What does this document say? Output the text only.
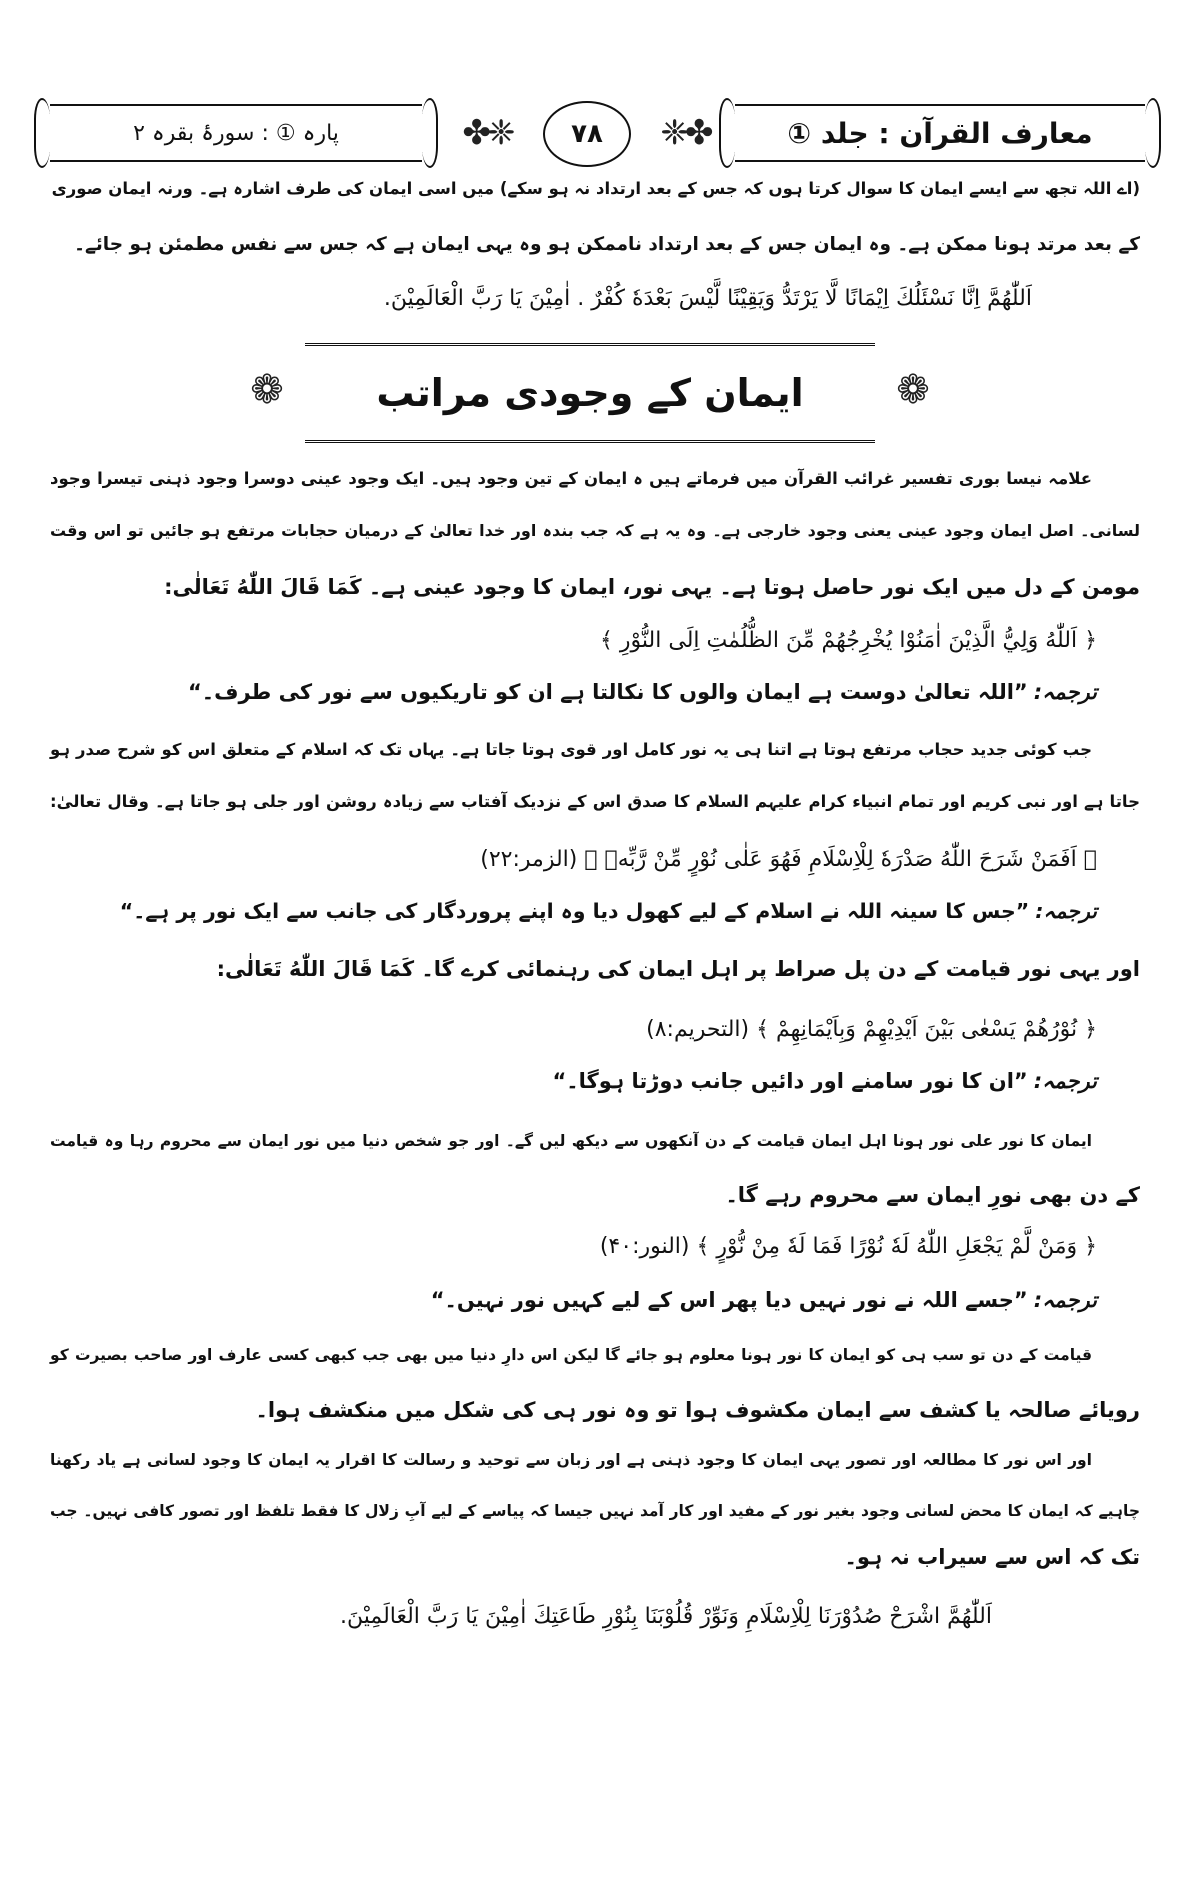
معارف القرآن : جلد ①
❈✤
۷۸
✤❈
پارہ ① : سورۂ بقرہ ۲
(اے اللہ تجھ سے ایسے ایمان کا سوال کرتا ہوں کہ جس کے بعد ارتداد نہ ہو سکے) میں اسی ایمان کی طرف اشارہ ہے۔ ورنہ ایمان صوری
کے بعد مرتد ہونا ممکن ہے۔ وہ ایمان جس کے بعد ارتداد ناممکن ہو وہ یہی ایمان ہے کہ جس سے نفس مطمئن ہو جائے۔
اَللّٰهُمَّ اِنَّا نَسْئَلُكَ اِيْمَانًا لَّا يَرْتَدُّ وَيَقِيْنًا لَّيْسَ بَعْدَهٗ كُفْرٌ . اٰمِيْنَ يَا رَبَّ الْعَالَمِيْنَ.
❁	ایمان کے وجودی مراتب	❁
علامہ نیسا بوری تفسیر غرائب القرآن میں فرماتے ہیں ہ ایمان کے تین وجود ہیں۔ ایک وجود عینی دوسرا وجود ذہنی تیسرا وجود
لسانی۔ اصل ایمان وجود عینی یعنی وجود خارجی ہے۔ وہ یہ ہے کہ جب بندہ اور خدا تعالیٰ کے درمیان حجابات مرتفع ہو جائیں تو اس وقت
مومن کے دل میں ایک نور حاصل ہوتا ہے۔ یہی نور، ایمان کا وجود عینی ہے۔ کَمَا قَالَ اللّٰهُ تَعَالٰی:
﴿ اَللّٰهُ وَلِيُّ الَّذِيْنَ اٰمَنُوْا يُخْرِجُهُمْ مِّنَ الظُّلُمٰتِ اِلَى النُّوْرِ ﴾
ترجمہ:”اللہ تعالیٰ دوست ہے ایمان والوں کا نکالتا ہے ان کو تاریکیوں سے نور کی طرف۔“
جب کوئی جدید حجاب مرتفع ہوتا ہے اتنا ہی یہ نور کامل اور قوی ہوتا جاتا ہے۔ یہاں تک کہ اسلام کے متعلق اس کو شرح صدر ہو
جاتا ہے اور نبی کریم اور تمام انبیاء کرام علیہم السلام کا صدق اس کے نزدیک آفتاب سے زیادہ روشن اور جلی ہو جاتا ہے۔ وقال تعالیٰ:
﴿ اَفَمَنْ شَرَحَ اللّٰهُ صَدْرَهٗ لِلْاِسْلَامِ فَهُوَ عَلٰى نُوْرٍ مِّنْ رَّبِّهٖ ﴾ (الزمر:۲۲)
ترجمہ:”جس کا سینہ اللہ نے اسلام کے لیے کھول دیا وہ اپنے پروردگار کی جانب سے ایک نور پر ہے۔“
اور یہی نور قیامت کے دن پل صراط پر اہل ایمان کی رہنمائی کرے گا۔ کَمَا قَالَ اللّٰهُ تَعَالٰی:
﴿ نُوْرُهُمْ يَسْعٰى بَيْنَ اَيْدِيْهِمْ وَبِاَيْمَانِهِمْ ﴾ (التحریم:۸)
ترجمہ:”ان کا نور سامنے اور دائیں جانب دوڑتا ہوگا۔“
ایمان کا نور علی نور ہونا اہل ایمان قیامت کے دن آنکھوں سے دیکھ لیں گے۔ اور جو شخص دنیا میں نور ایمان سے محروم رہا وہ قیامت
کے دن بھی نورِ ایمان سے محروم رہے گا۔
﴿ وَمَنْ لَّمْ يَجْعَلِ اللّٰهُ لَهٗ نُوْرًا فَمَا لَهٗ مِنْ نُّوْرٍ ﴾ (النور:۴۰)
ترجمہ:”جسے اللہ نے نور نہیں دیا پھر اس کے لیے کہیں نور نہیں۔“
قیامت کے دن تو سب ہی کو ایمان کا نور ہونا معلوم ہو جائے گا لیکن اس دارِ دنیا میں بھی جب کبھی کسی عارف اور صاحب بصیرت کو
رویائے صالحہ یا کشف سے ایمان مکشوف ہوا تو وہ نور ہی کی شکل میں منکشف ہوا۔
اور اس نور کا مطالعہ اور تصور یہی ایمان کا وجود ذہنی ہے اور زبان سے توحید و رسالت کا اقرار یہ ایمان کا وجود لسانی ہے یاد رکھنا
چاہیے کہ ایمان کا محض لسانی وجود بغیر نور کے مفید اور کار آمد نہیں جیسا کہ پیاسے کے لیے آبِ زلال کا فقط تلفظ اور تصور کافی نہیں۔ جب
تک کہ اس سے سیراب نہ ہو۔
اَللّٰهُمَّ اشْرَحْ صُدُوْرَنَا لِلْاِسْلَامِ وَنَوِّرْ قُلُوْبَنَا بِنُوْرِ طَاعَتِكَ اٰمِيْنَ يَا رَبَّ الْعَالَمِيْنَ.
